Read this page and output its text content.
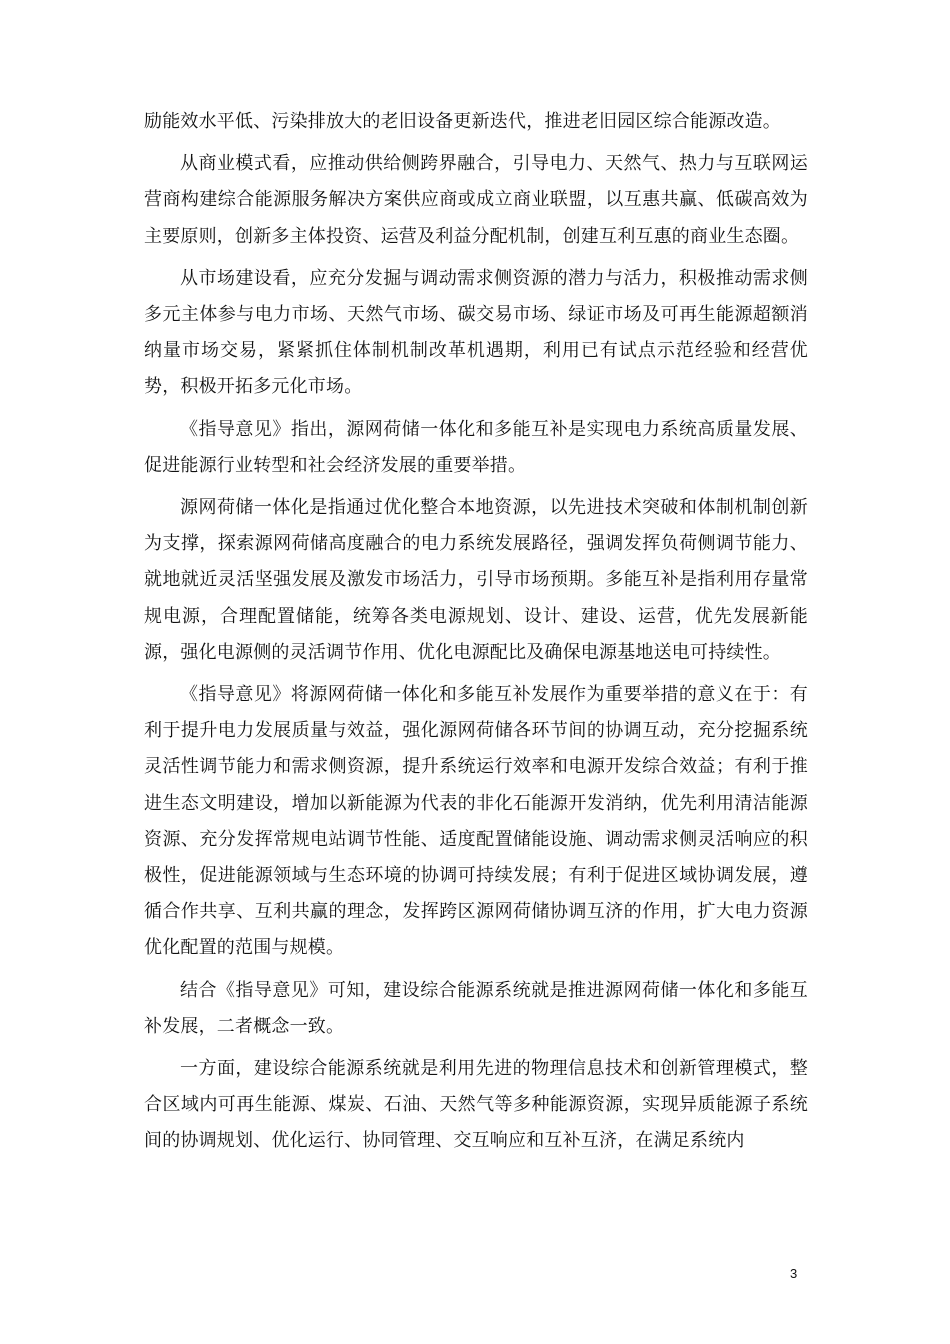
励能效水平低、污染排放大的老旧设备更新迭代，推进老旧园区综合能源改造。

从商业模式看，应推动供给侧跨界融合，引导电力、天然气、热力与互联网运营商构建综合能源服务解决方案供应商或成立商业联盟，以互惠共赢、低碳高效为主要原则，创新多主体投资、运营及利益分配机制，创建互利互惠的商业生态圈。

从市场建设看，应充分发掘与调动需求侧资源的潜力与活力，积极推动需求侧多元主体参与电力市场、天然气市场、碳交易市场、绿证市场及可再生能源超额消纳量市场交易，紧紧抓住体制机制改革机遇期，利用已有试点示范经验和经营优势，积极开拓多元化市场。

《指导意见》指出，源网荷储一体化和多能互补是实现电力系统高质量发展、促进能源行业转型和社会经济发展的重要举措。

源网荷储一体化是指通过优化整合本地资源，以先进技术突破和体制机制创新为支撑，探索源网荷储高度融合的电力系统发展路径，强调发挥负荷侧调节能力、就地就近灵活坚强发展及激发市场活力，引导市场预期。多能互补是指利用存量常规电源，合理配置储能，统筹各类电源规划、设计、建设、运营，优先发展新能源，强化电源侧的灵活调节作用、优化电源配比及确保电源基地送电可持续性。

《指导意见》将源网荷储一体化和多能互补发展作为重要举措的意义在于：有利于提升电力发展质量与效益，强化源网荷储各环节间的协调互动，充分挖掘系统灵活性调节能力和需求侧资源，提升系统运行效率和电源开发综合效益；有利于推进生态文明建设，增加以新能源为代表的非化石能源开发消纳，优先利用清洁能源资源、充分发挥常规电站调节性能、适度配置储能设施、调动需求侧灵活响应的积极性，促进能源领域与生态环境的协调可持续发展；有利于促进区域协调发展，遵循合作共享、互利共赢的理念，发挥跨区源网荷储协调互济的作用，扩大电力资源优化配置的范围与规模。

结合《指导意见》可知，建设综合能源系统就是推进源网荷储一体化和多能互补发展，二者概念一致。

一方面，建设综合能源系统就是利用先进的物理信息技术和创新管理模式，整合区域内可再生能源、煤炭、石油、天然气等多种能源资源，实现异质能源子系统间的协调规划、优化运行、协同管理、交互响应和互补互济，在满足系统内

3
